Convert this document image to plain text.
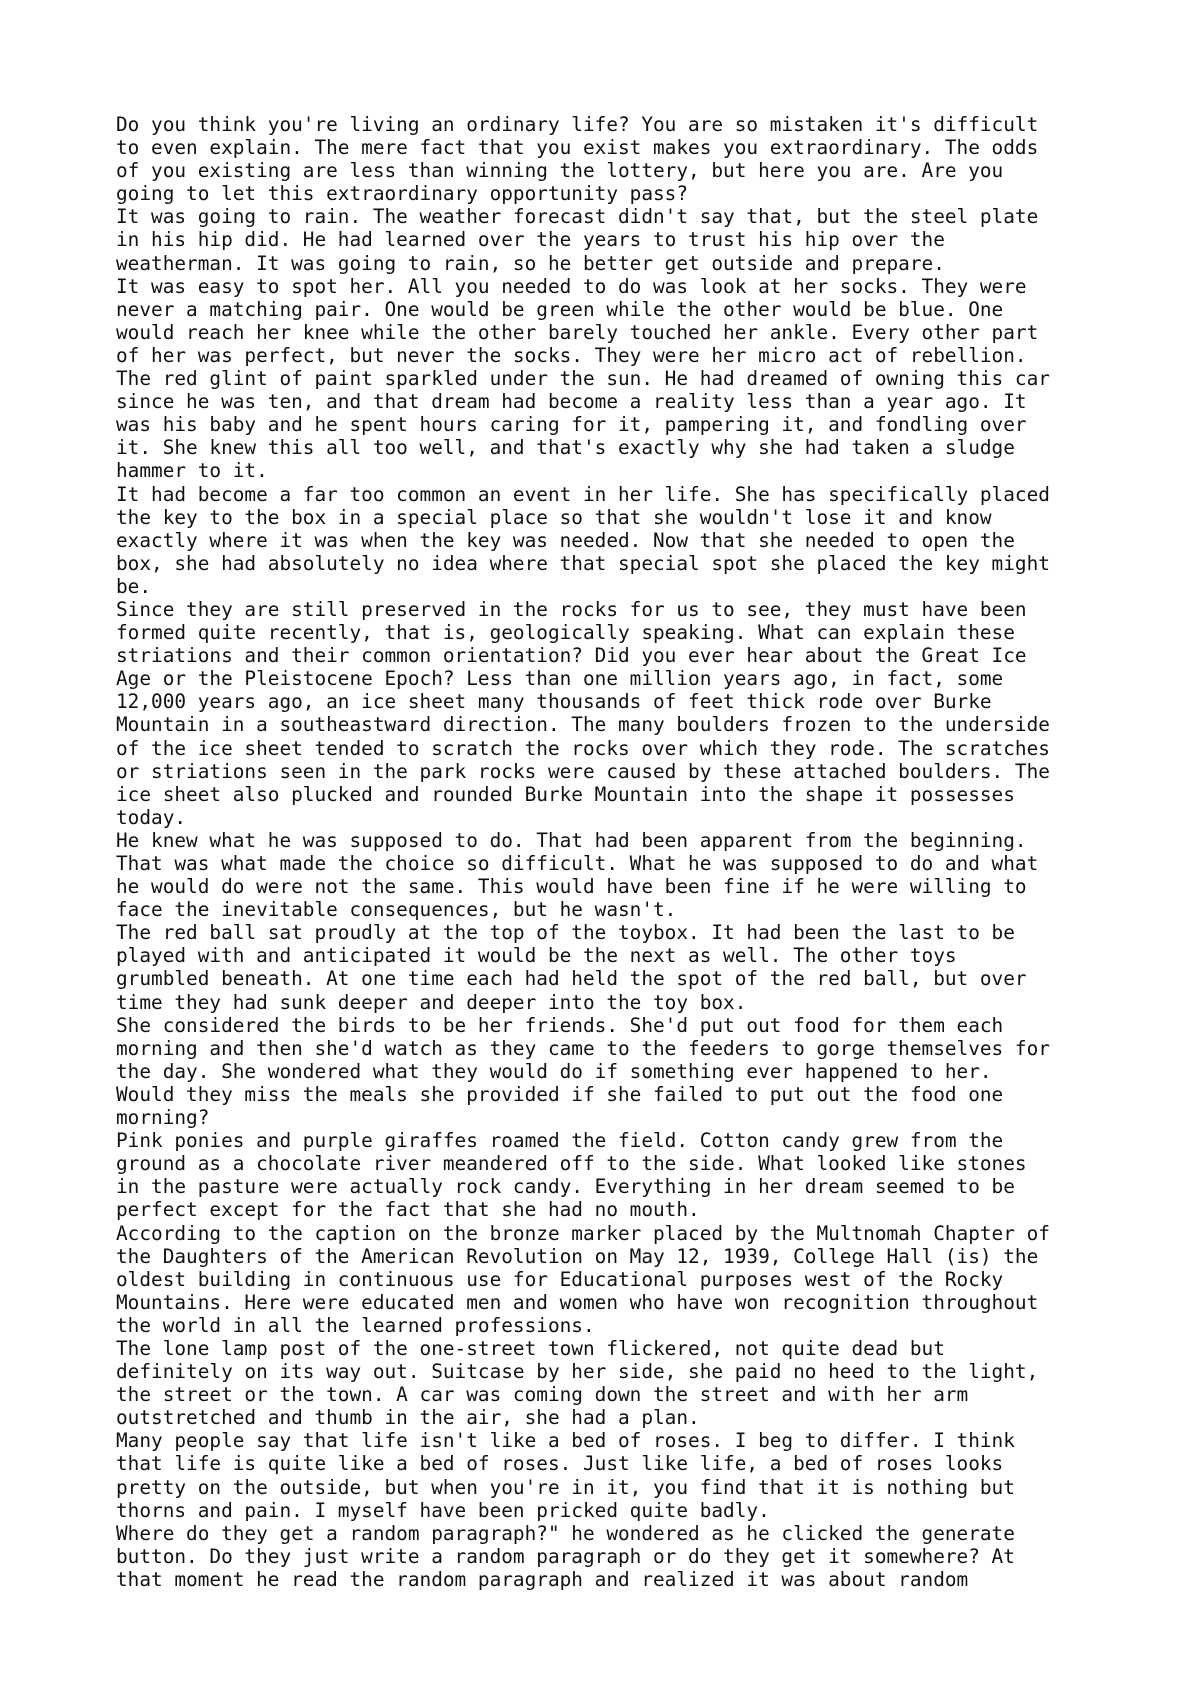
Do you think you're living an ordinary life? You are so mistaken it's difficult
to even explain. The mere fact that you exist makes you extraordinary. The odds
of you existing are less than winning the lottery, but here you are. Are you
going to let this extraordinary opportunity pass?
It was going to rain. The weather forecast didn't say that, but the steel plate
in his hip did. He had learned over the years to trust his hip over the
weatherman. It was going to rain, so he better get outside and prepare.
It was easy to spot her. All you needed to do was look at her socks. They were
never a matching pair. One would be green while the other would be blue. One
would reach her knee while the other barely touched her ankle. Every other part
of her was perfect, but never the socks. They were her micro act of rebellion.
The red glint of paint sparkled under the sun. He had dreamed of owning this car
since he was ten, and that dream had become a reality less than a year ago. It
was his baby and he spent hours caring for it, pampering it, and fondling over
it. She knew this all too well, and that's exactly why she had taken a sludge
hammer to it.
It had become a far too common an event in her life. She has specifically placed
the key to the box in a special place so that she wouldn't lose it and know
exactly where it was when the key was needed. Now that she needed to open the
box, she had absolutely no idea where that special spot she placed the key might
be.
Since they are still preserved in the rocks for us to see, they must have been
formed quite recently, that is, geologically speaking. What can explain these
striations and their common orientation? Did you ever hear about the Great Ice
Age or the Pleistocene Epoch? Less than one million years ago, in fact, some
12,000 years ago, an ice sheet many thousands of feet thick rode over Burke
Mountain in a southeastward direction. The many boulders frozen to the underside
of the ice sheet tended to scratch the rocks over which they rode. The scratches
or striations seen in the park rocks were caused by these attached boulders. The
ice sheet also plucked and rounded Burke Mountain into the shape it possesses
today.
He knew what he was supposed to do. That had been apparent from the beginning.
That was what made the choice so difficult. What he was supposed to do and what
he would do were not the same. This would have been fine if he were willing to
face the inevitable consequences, but he wasn't.
The red ball sat proudly at the top of the toybox. It had been the last to be
played with and anticipated it would be the next as well. The other toys
grumbled beneath. At one time each had held the spot of the red ball, but over
time they had sunk deeper and deeper into the toy box.
She considered the birds to be her friends. She'd put out food for them each
morning and then she'd watch as they came to the feeders to gorge themselves for
the day. She wondered what they would do if something ever happened to her.
Would they miss the meals she provided if she failed to put out the food one
morning?
Pink ponies and purple giraffes roamed the field. Cotton candy grew from the
ground as a chocolate river meandered off to the side. What looked like stones
in the pasture were actually rock candy. Everything in her dream seemed to be
perfect except for the fact that she had no mouth.
According to the caption on the bronze marker placed by the Multnomah Chapter of
the Daughters of the American Revolution on May 12, 1939, College Hall (is) the
oldest building in continuous use for Educational purposes west of the Rocky
Mountains. Here were educated men and women who have won recognition throughout
the world in all the learned professions.
The lone lamp post of the one-street town flickered, not quite dead but
definitely on its way out. Suitcase by her side, she paid no heed to the light,
the street or the town. A car was coming down the street and with her arm
outstretched and thumb in the air, she had a plan.
Many people say that life isn't like a bed of roses. I beg to differ. I think
that life is quite like a bed of roses. Just like life, a bed of roses looks
pretty on the outside, but when you're in it, you find that it is nothing but
thorns and pain. I myself have been pricked quite badly.
Where do they get a random paragraph?" he wondered as he clicked the generate
button. Do they just write a random paragraph or do they get it somewhere? At
that moment he read the random paragraph and realized it was about random
